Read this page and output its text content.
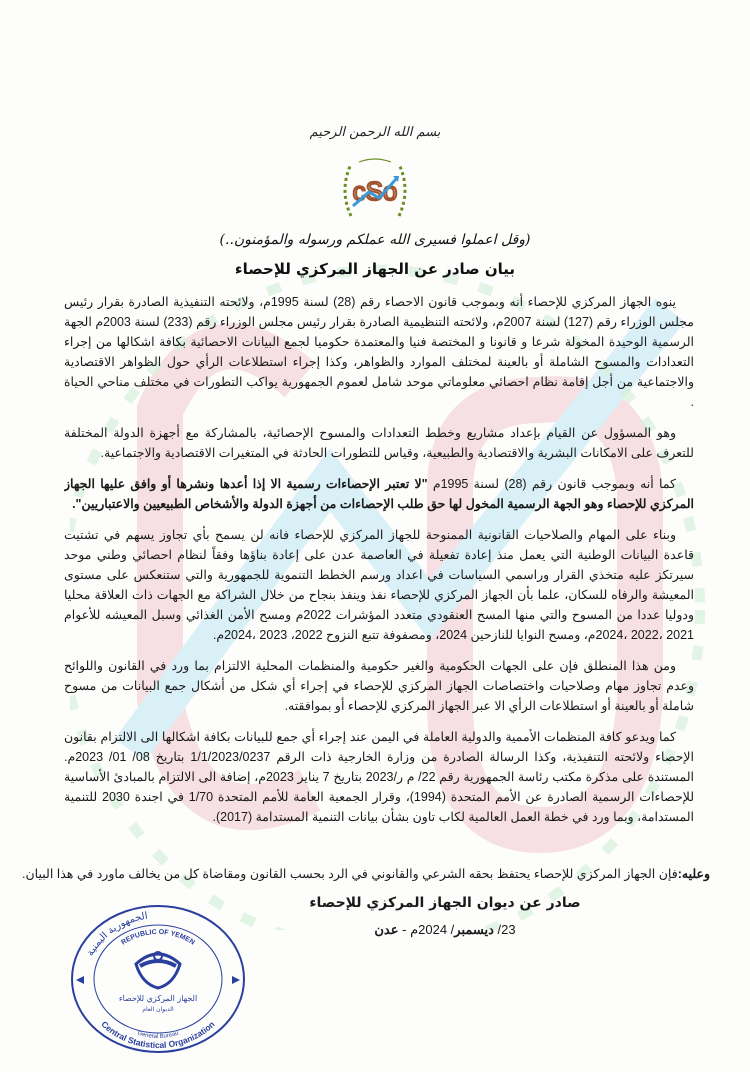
بسم الله الرحمن الرحيم
cSo
(وقل اعملوا فسيرى الله عملكم ورسوله والمؤمنون..)
بيان صادر عن الجهاز المركزي للإحصاء

ينوه الجهاز المركزي للإحصاء أنه وبموجب قانون الاحصاء رقم (28) لسنة 1995م، ولائحته التنفيذية الصادرة بقرار رئيس مجلس الوزراء رقم (127) لسنة 2007م، ولائحته التنظيمية الصادرة بقرار رئيس مجلس الوزراء رقم (233) لسنة 2003م الجهة الرسمية الوحيدة المخولة شرعا و قانونا و المختصة فنيا والمعتمدة حكوميا لجمع البيانات الاحصائية بكافة اشكالها من إجراء التعدادات والمسوح الشاملة أو بالعينة لمختلف الموارد والظواهر، وكذا إجراء استطلاعات الرأي حول الظواهر الاقتصادية والاجتماعية من أجل إقامة نظام احصائي معلوماتي موحد شامل لعموم الجمهورية يواكب التطورات في مختلف مناحي الحياة .

وهو المسؤول عن القيام بإعداد مشاريع وخطط التعدادات والمسوح الإحصائية، بالمشاركة مع أجهزة الدولة المختلفة للتعرف على الامكانات البشرية والاقتصادية والطبيعية، وقياس للتطورات الحادثة في المتغيرات الاقتصادية والاجتماعية.

كما أنه وبموجب قانون رقم (28) لسنة 1995م "لا تعتبر الإحصاءات رسمية الا إذا أعدها ونشرها أو وافق عليها الجهاز المركزي للإحصاء وهو الجهة الرسمية المخول لها حق طلب الإحصاءات من أجهزة الدولة والأشخاص الطبيعيين والاعتباريين".

وبناء على المهام والصلاحيات القانونية الممنوحة للجهاز المركزي للإحصاء فانه لن يسمح بأي تجاوز يسهم في تشتيت قاعدة البيانات الوطنية التي يعمل منذ إعادة تفعيلة في العاصمة عدن على إعادة بناؤها وفقاً لنظام احصائي وطني موحد سيرتكز عليه متخذي القرار وراسمي السياسات في اعداد ورسم الخطط التنموية للجمهورية والتي ستنعكس على مستوى المعيشة والرفاه للسكان، علما بأن الجهاز المركزي للإحصاء نفذ وينفذ بنجاح من خلال الشراكة مع الجهات ذات العلاقة محليا ودوليا عددا من المسوح والتي منها المسح العنقودي متعدد المؤشرات 2022م ومسح الأمن الغذائي وسبل المعيشه للأعوام 2021 ،2022 ،2024م، ومسح النوايا للنازحين 2024، ومصفوفة تتبع النزوح 2022، 2023 ،2024م.

ومن هذا المنطلق فإن على الجهات الحكومية والغير حكومية والمنظمات المحلية الالتزام بما ورد في القانون واللوائح وعدم تجاوز مهام وصلاحيات واختصاصات الجهاز المركزي للإحصاء في إجراء أي شكل من أشكال جمع البيانات من مسوح شاملة أو بالعينة أو استطلاعات الرأي الا عبر الجهاز المركزي للإحصاء أو بموافقته.

كما ويدعو كافة المنظمات الأممية والدولية العاملة في اليمن عند إجراء أي جمع للبيانات بكافة اشكالها الى الالتزام بقانون الإحصاء ولائحته التنفيذية، وكذا الرسالة الصادرة من وزارة الخارجية ذات الرقم 1/1/2023/0237 بتاريخ 08/ 01/ 2023م. المستندة على مذكرة مكتب رئاسة الجمهورية رقم 22/ م ر/2023 بتاريخ 7 يناير 2023م، إضافة الى الالتزام بالمبادئ الأساسية للإحصاءات الرسمية الصادرة عن الأمم المتحدة (1994)، وقرار الجمعية العامة للأمم المتحدة 1/70 في اجندة 2030 للتنمية المستدامة، وبما ورد في خطة العمل العالمية لكاب تاون بشأن بيانات التنمية المستدامة (2017).

وعليه:فإن الجهاز المركزي للإحصاء يحتفظ بحقه الشرعي والقانوني في الرد بحسب القانون ومقاضاة كل من يخالف ماورد في هذا البيان.
صادر عن ديوان الجهاز المركزي للإحصاء
23/ ديسمبر/ 2024م - عدن
الجمهورية اليمنية
REPUBLIC OF YEMEN
الجهاز المركزي للإحصاء
الديوان العام
Central Statistical Organization
General Bureau
